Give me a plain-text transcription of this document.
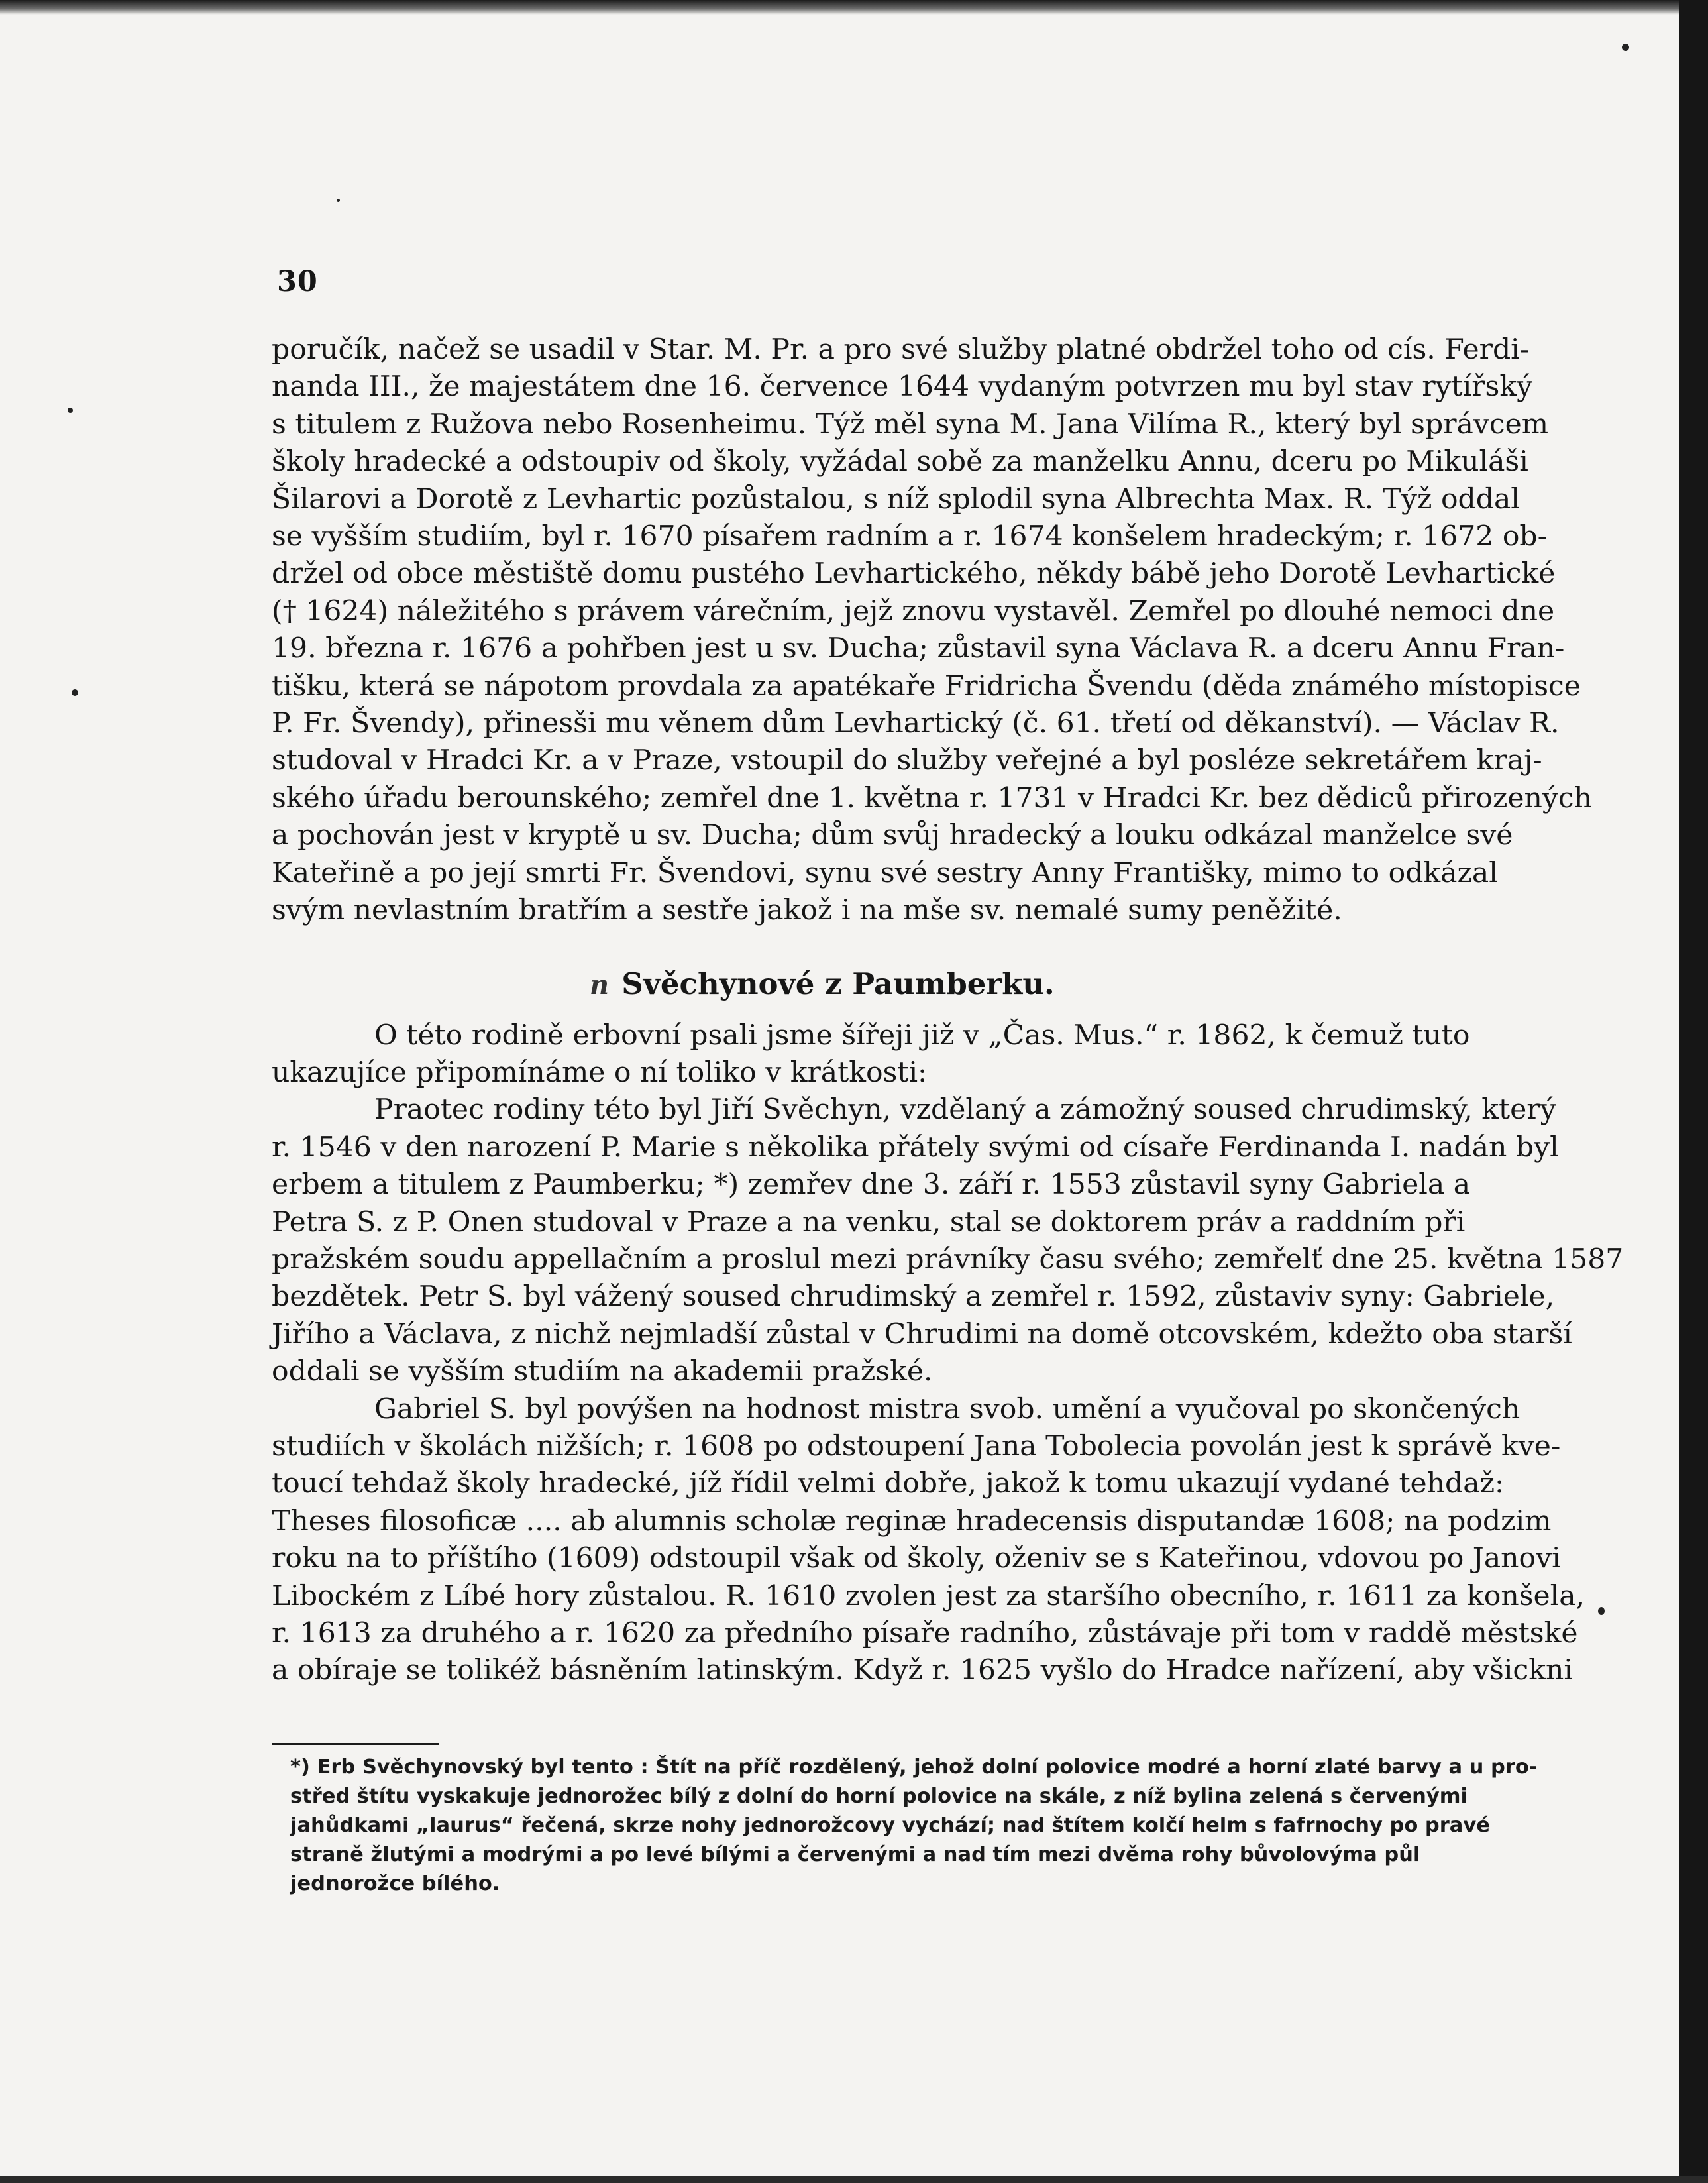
30

poručík, načež se usadil v Star. M. Pr. a pro své služby platné obdržel toho od cís. Ferdi-
nanda III., že majestátem dne 16. července 1644 vydaným potvrzen mu byl stav rytířský
s titulem z Ružova nebo Rosenheimu. Týž měl syna M. Jana Vilíma R., který byl správcem
školy hradecké a odstoupiv od školy, vyžádal sobě za manželku Annu, dceru po Mikuláši
Šilarovi a Dorotě z Levhartic pozůstalou, s níž splodil syna Albrechta Max. R. Týž oddal
se vyšším studiím, byl r. 1670 písařem radním a r. 1674 konšelem hradeckým; r. 1672 ob-
držel od obce městiště domu pustého Levhartického, někdy bábě jeho Dorotě Levhartické
(† 1624) náležitého s právem várečním, jejž znovu vystavěl. Zemřel po dlouhé nemoci dne
19. března r. 1676 a pohřben jest u sv. Ducha; zůstavil syna Václava R. a dceru Annu Fran-
tišku, která se nápotom provdala za apatékaře Fridricha Švendu (děda známého místopisce
P. Fr. Švendy), přinesši mu věnem dům Levhartický (č. 61. třetí od děkanství). — Václav R.
studoval v Hradci Kr. a v Praze, vstoupil do služby veřejné a byl posléze sekretářem kraj-
ského úřadu berounského; zemřel dne 1. května r. 1731 v Hradci Kr. bez dědiců přirozených
a pochován jest v kryptě u sv. Ducha; dům svůj hradecký a louku odkázal manželce své
Kateřině a po její smrti Fr. Švendovi, synu své sestry Anny Františky, mimo to odkázal
svým nevlastním bratřím a sestře jakož i na mše sv. nemalé sumy peněžité.

n Svěchynové z Paumberku.

O této rodině erbovní psali jsme šířeji již v „Čas. Mus.“ r. 1862, k čemuž tuto
ukazujíce připomínáme o ní toliko v krátkosti:

Praotec rodiny této byl Jiří Svěchyn, vzdělaný a zámožný soused chrudimský, který
r. 1546 v den narození P. Marie s několika přátely svými od císaře Ferdinanda I. nadán byl
erbem a titulem z Paumberku; *) zemřev dne 3. září r. 1553 zůstavil syny Gabriela a
Petra S. z P. Onen studoval v Praze a na venku, stal se doktorem práv a raddním při
pražském soudu appellačním a proslul mezi právníky času svého; zemřelť dne 25. května 1587
bezdětek. Petr S. byl vážený soused chrudimský a zemřel r. 1592, zůstaviv syny: Gabriele,
Jiřího a Václava, z nichž nejmladší zůstal v Chrudimi na domě otcovském, kdežto oba starší
oddali se vyšším studiím na akademii pražské.

Gabriel S. byl povýšen na hodnost mistra svob. umění a vyučoval po skončených
studiích v školách nižších; r. 1608 po odstoupení Jana Tobolecia povolán jest k správě kve-
toucí tehdaž školy hradecké, jíž řídil velmi dobře, jakož k tomu ukazují vydané tehdaž:
Theses filosoficæ .... ab alumnis scholæ reginæ hradecensis disputandæ 1608; na podzim
roku na to příštího (1609) odstoupil však od školy, oženiv se s Kateřinou, vdovou po Janovi
Libockém z Líbé hory zůstalou. R. 1610 zvolen jest za staršího obecního, r. 1611 za konšela,
r. 1613 za druhého a r. 1620 za předního písaře radního, zůstávaje při tom v raddě městské
a obíraje se tolikéž básněním latinským. Když r. 1625 vyšlo do Hradce nařízení, aby všickni

*) Erb Svěchynovský byl tento : Štít na příč rozdělený, jehož dolní polovice modré a horní zlaté barvy a u pro-
střed štítu vyskakuje jednorožec bílý z dolní do horní polovice na skále, z níž bylina zelená s červenými
jahůdkami „laurus“ řečená, skrze nohy jednorožcovy vychází; nad štítem kolčí helm s fafrnochy po pravé
straně žlutými a modrými a po levé bílými a červenými a nad tím mezi dvěma rohy bůvolovýma půl
jednorožce bílého.
